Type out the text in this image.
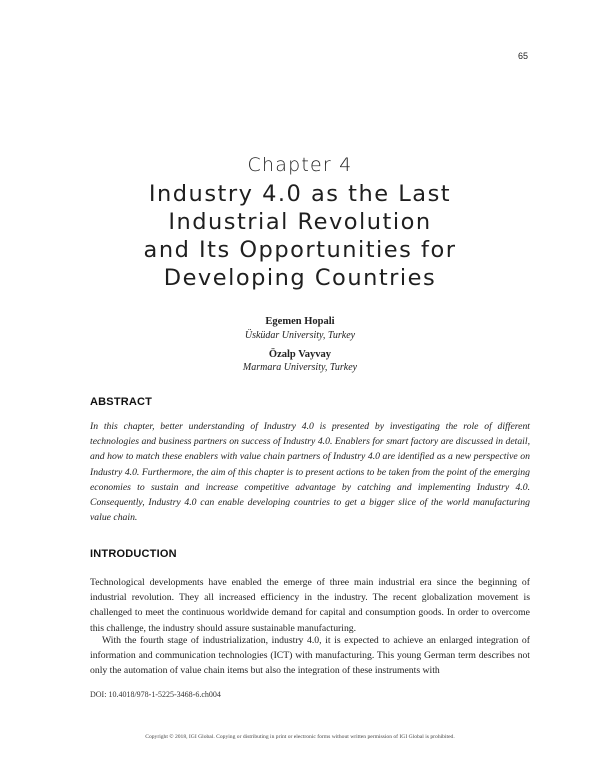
65
Chapter 4
Industry 4.0 as the Last
Industrial Revolution
and Its Opportunities for
Developing Countries
Egemen Hopali
Üsküdar University, Turkey
Özalp Vayvay
Marmara University, Turkey
ABSTRACT

In this chapter, better understanding of Industry 4.0 is presented by investigating the role of different technologies and business partners on success of Industry 4.0. Enablers for smart factory are discussed in detail, and how to match these enablers with value chain partners of Industry 4.0 are identified as a new perspective on Industry 4.0. Furthermore, the aim of this chapter is to present actions to be taken from the point of the emerging economies to sustain and increase competitive advantage by catching and implementing Industry 4.0. Consequently, Industry 4.0 can enable developing countries to get a bigger slice of the world manufacturing value chain.

INTRODUCTION

Technological developments have enabled the emerge of three main industrial era since the beginning of industrial revolution. They all increased efficiency in the industry. The recent globalization movement is challenged to meet the continuous worldwide demand for capital and consumption goods. In order to overcome this challenge, the industry should assure sustainable manufacturing.

With the fourth stage of industrialization, industry 4.0, it is expected to achieve an enlarged integration of information and communication technologies (ICT) with manufacturing. This young German term describes not only the automation of value chain items but also the integration of these instruments with

DOI: 10.4018/978-1-5225-3468-6.ch004
Copyright © 2018, IGI Global. Copying or distributing in print or electronic forms without written permission of IGI Global is prohibited.
